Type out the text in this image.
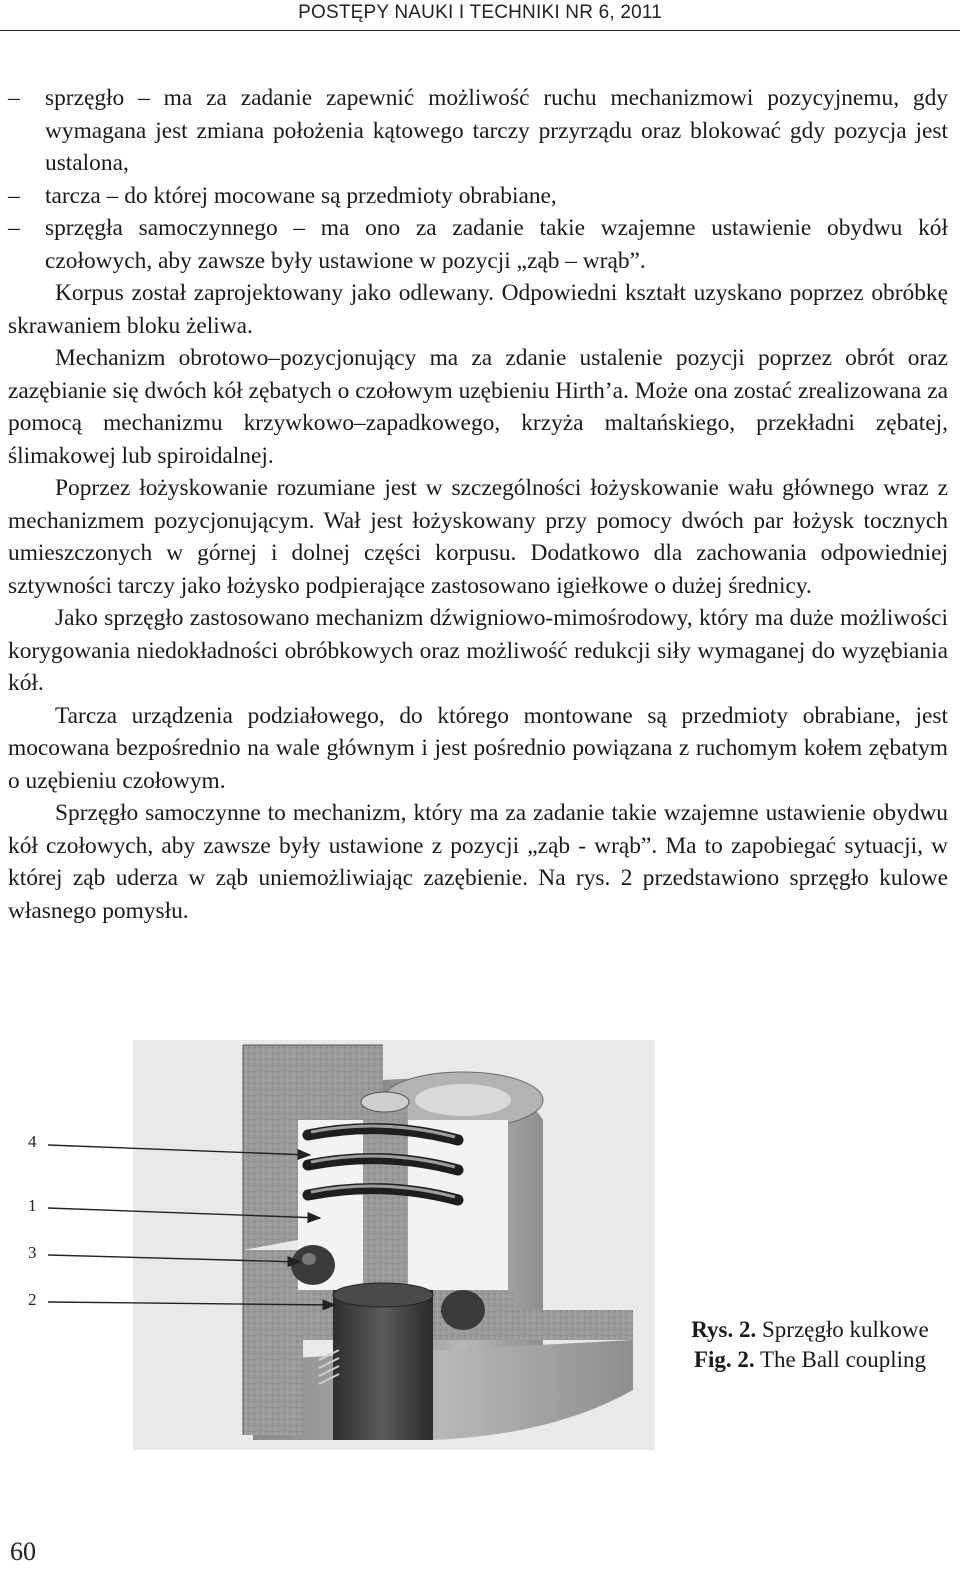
POSTĘPY NAUKI I TECHNIKI NR 6, 2011

– sprzęgło – ma za zadanie zapewnić możliwość ruchu mechanizmowi pozycyjnemu, gdy wymagana jest zmiana położenia kątowego tarczy przyrządu oraz blokować gdy pozycja jest ustalona,

– tarcza – do której mocowane są przedmioty obrabiane,

– sprzęgła samoczynnego – ma ono za zadanie takie wzajemne ustawienie obydwu kół czołowych, aby zawsze były ustawione w pozycji „ząb – wrąb”.

Korpus został zaprojektowany jako odlewany. Odpowiedni kształt uzyskano poprzez obróbkę skrawaniem bloku żeliwa.

Mechanizm obrotowo–pozycjonujący ma za zdanie ustalenie pozycji poprzez obrót oraz zazębianie się dwóch kół zębatych o czołowym uzębieniu Hirth’a. Może ona zostać zrealizowana za pomocą mechanizmu krzywkowo–zapadkowego, krzyża maltańskiego, przekładni zębatej, ślimakowej lub spiroidalnej.

Poprzez łożyskowanie rozumiane jest w szczególności łożyskowanie wału głównego wraz z mechanizmem pozycjonującym. Wał jest łożyskowany przy pomocy dwóch par łożysk tocznych umieszczonych w górnej i dolnej części korpusu. Dodatkowo dla zachowania odpowiedniej sztywności tarczy jako łożysko podpierające zastosowano igiełkowe o dużej średnicy.

Jako sprzęgło zastosowano mechanizm dźwigniowo-mimośrodowy, który ma duże możliwości korygowania niedokładności obróbkowych oraz możliwość redukcji siły wymaganej do wyzębiania kół.

Tarcza urządzenia podziałowego, do którego montowane są przedmioty obrabiane, jest mocowana bezpośrednio na wale głównym i jest pośrednio powiązana z ruchomym kołem zębatym o uzębieniu czołowym.

Sprzęgło samoczynne to mechanizm, który ma za zadanie takie wzajemne ustawienie obydwu kół czołowych, aby zawsze były ustawione z pozycji „ząb - wrąb”. Ma to zapobiegać sytuacji, w której ząb uderza w ząb uniemożliwiając zazębienie. Na rys. 2 przedstawiono sprzęgło kulowe własnego pomysłu.

4
1
3
2
Rys. 2. Sprzęgło kulkowe
Fig. 2. The Ball coupling
60
